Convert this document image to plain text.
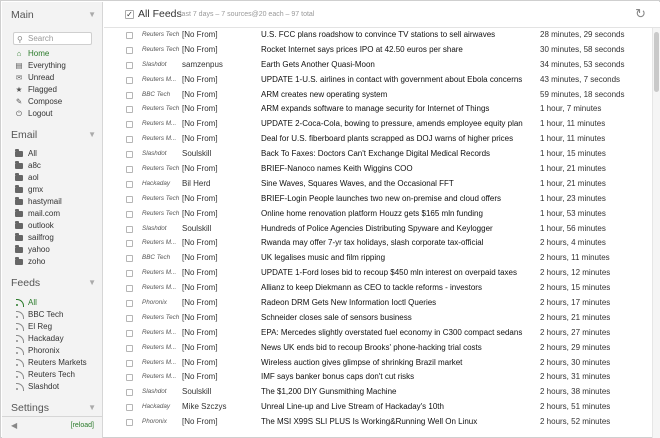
Main	▼
⚲ Search
⌂ Home
▤ Everything
✉ Unread
★ Flagged
✎ Compose
⏻ Logout
Email	▼
All
a8c
aol
gmx
hastymail
mail.com
outlook
sailfrog
yahoo
zoho
Feeds	▼
All
BBC Tech
El Reg
Hackaday
Phoronix
Reuters Markets
Reuters Tech
Slashdot
Settings	▼
◀	[reload]
✓ All Feeds
last 7 days – 7 sources@20 each – 97 total	↻
Reuters Tech [No From]	U.S. FCC plans roadshow to convince TV stations to sell airwaves	28 minutes, 29 seconds
Reuters Tech [No From]	Rocket Internet says prices IPO at 42.50 euros per share	30 minutes, 58 seconds
Slashdot	samzenpus	Earth Gets Another Quasi-Moon	34 minutes, 53 seconds
Reuters M... [No From]	UPDATE 1-U.S. airlines in contact with government about Ebola concerns	43 minutes, 7 seconds
BBC Tech	[No From]	ARM creates new operating system	59 minutes, 18 seconds
Reuters Tech [No From]	ARM expands software to manage security for Internet of Things	1 hour, 7 minutes
Reuters M... [No From]	UPDATE 2-Coca-Cola, bowing to pressure, amends employee equity plan	1 hour, 11 minutes
Reuters M... [No From]	Deal for U.S. fiberboard plants scrapped as DOJ warns of higher prices	1 hour, 11 minutes
Slashdot	Soulskill	Back To Faxes: Doctors Can't Exchange Digital Medical Records	1 hour, 15 minutes
Reuters Tech [No From]	BRIEF-Nanoco names Keith Wiggins COO	1 hour, 21 minutes
Hackaday	Bil Herd	Sine Waves, Squares Waves, and the Occasional FFT	1 hour, 21 minutes
Reuters Tech [No From]	BRIEF-Login People launches two new on-premise and cloud offers	1 hour, 23 minutes
Reuters Tech [No From]	Online home renovation platform Houzz gets $165 mln funding	1 hour, 53 minutes
Slashdot	Soulskill	Hundreds of Police Agencies Distributing Spyware and Keylogger	1 hour, 56 minutes
Reuters M... [No From]	Rwanda may offer 7-yr tax holidays, slash corporate tax-official	2 hours, 4 minutes
BBC Tech	[No From]	UK legalises music and film ripping	2 hours, 11 minutes
Reuters M... [No From]	UPDATE 1-Ford loses bid to recoup $450 mln interest on overpaid taxes	2 hours, 12 minutes
Reuters M... [No From]	Allianz to keep Diekmann as CEO to tackle reforms - investors	2 hours, 15 minutes
Phoronix	[No From]	Radeon DRM Gets New Information Ioctl Queries	2 hours, 17 minutes
Reuters Tech [No From]	Schneider closes sale of sensors business	2 hours, 21 minutes
Reuters M... [No From]	EPA: Mercedes slightly overstated fuel economy in C300 compact sedans	2 hours, 27 minutes
Reuters M... [No From]	News UK ends bid to recoup Brooks' phone-hacking trial costs	2 hours, 29 minutes
Reuters M... [No From]	Wireless auction gives glimpse of shrinking Brazil market	2 hours, 30 minutes
Reuters M... [No From]	IMF says banker bonus caps don't cut risks	2 hours, 31 minutes
Slashdot	Soulskill	The $1,200 DIY Gunsmithing Machine	2 hours, 38 minutes
Hackaday	Mike Szczys	Unreal Line-up and Live Stream of Hackaday's 10th	2 hours, 51 minutes
Phoronix	[No From]	The MSI X99S SLI PLUS Is Working&Running Well On Linux	2 hours, 52 minutes
